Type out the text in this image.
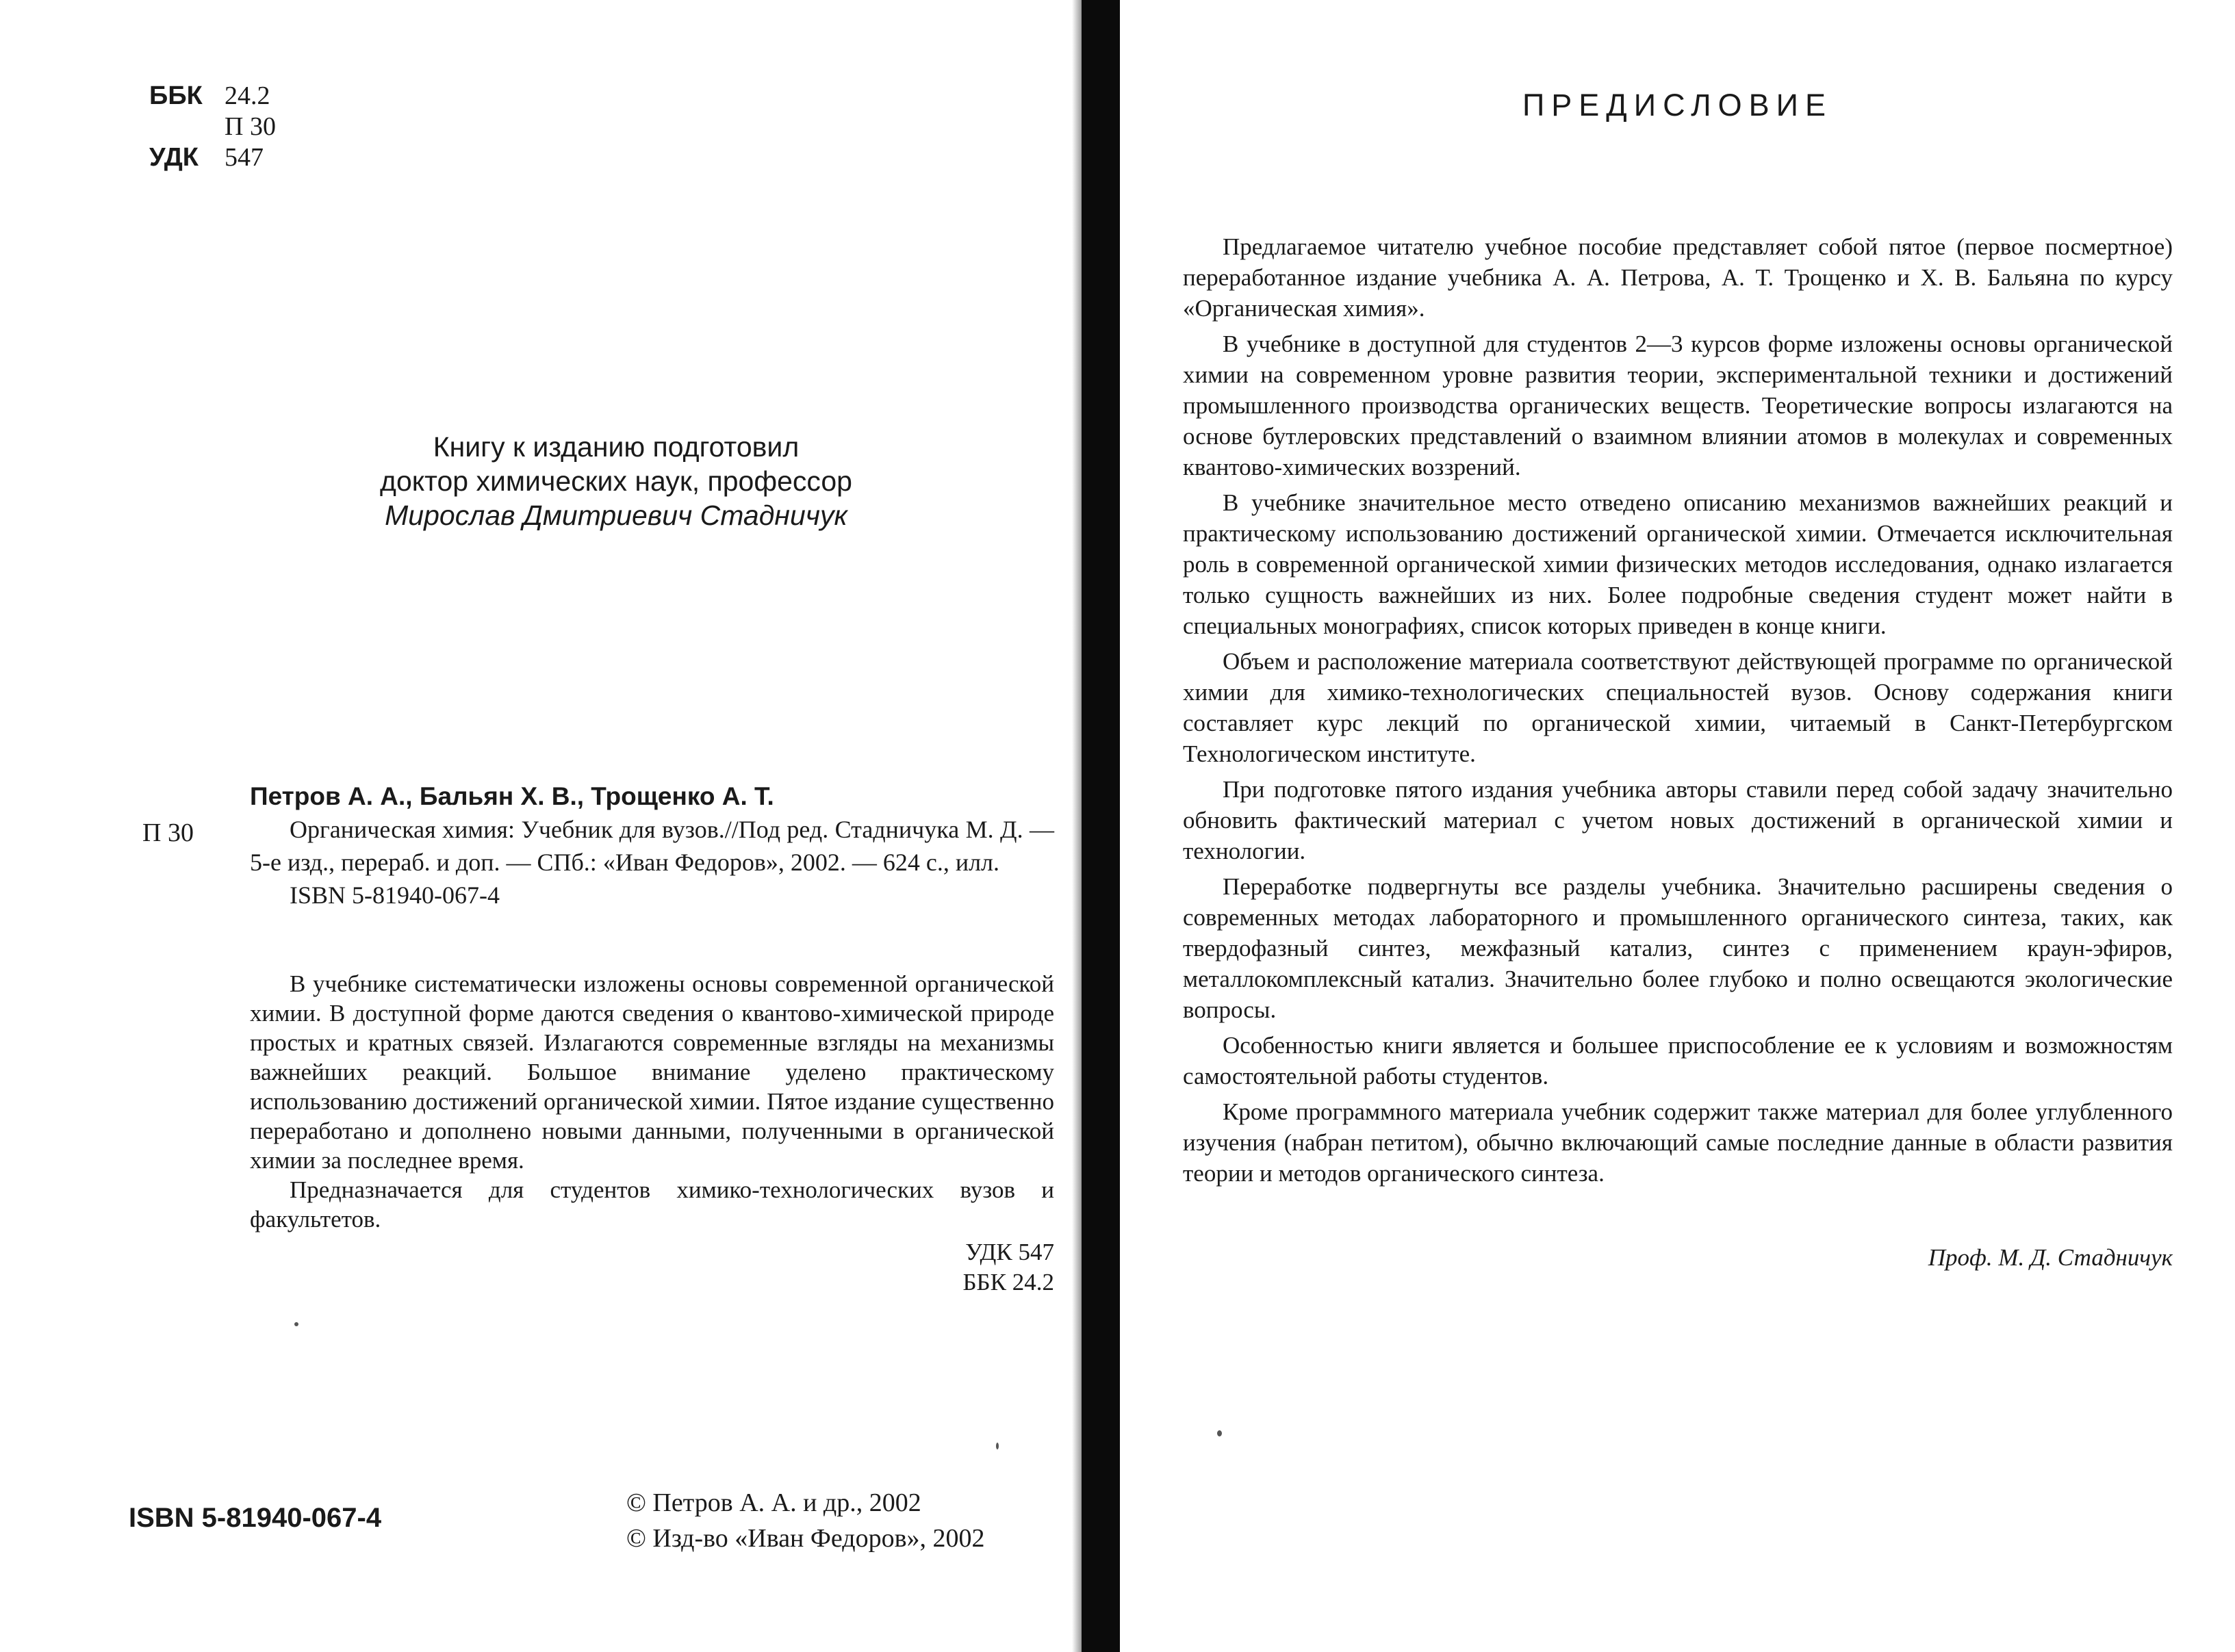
ББК 24.2
П 30
УДК	547
Книгу к изданию подготовил
доктор химических наук, профессор
Мирослав Дмитриевич Стадничук
П 30
Петров А. А., Бальян Х. В., Трощенко А. Т.

Органическая химия: Учебник для вузов.//Под ред. Стадничука М. Д. — 5-е изд., перераб. и доп. — СПб.: «Иван Федоров», 2002. — 624 с., илл.

ISBN 5-81940-067-4

В учебнике систематически изложены основы современной органической химии. В доступной форме даются сведения о квантово-химической природе простых и кратных связей. Излагаются современные взгляды на механизмы важнейших реакций. Большое внимание уделено практическому использованию достижений органической химии. Пятое издание существенно переработано и дополнено новыми данными, полученными в органической химии за последнее время.

Предназначается для студентов химико-технологических вузов и факультетов.

УДК 547
ББК 24.2
ISBN 5-81940-067-4	© Петров А. А. и др., 2002
© Изд-во «Иван Федоров», 2002
ПРЕДИСЛОВИЕ

Предлагаемое читателю учебное пособие представляет собой пятое (первое посмертное) переработанное издание учебника А. А. Петрова, А. Т. Трощенко и Х. В. Бальяна по курсу «Органическая химия».

В учебнике в доступной для студентов 2—3 курсов форме изложены основы органической химии на современном уровне развития теории, экспериментальной техники и достижений промышленного производства органических веществ. Теоретические вопросы излагаются на основе бутлеровских представлений о взаимном влиянии атомов в молекулах и современных квантово-химических воззрений.

В учебнике значительное место отведено описанию механизмов важнейших реакций и практическому использованию достижений органической химии. Отмечается исключительная роль в современной органической химии физических методов исследования, однако излагается только сущность важнейших из них. Более подробные сведения студент может найти в специальных монографиях, список которых приведен в конце книги.

Объем и расположение материала соответствуют действующей программе по органической химии для химико-технологических специальностей вузов. Основу содержания книги составляет курс лекций по органической химии, читаемый в Санкт-Петербургском Технологическом институте.

При подготовке пятого издания учебника авторы ставили перед собой задачу значительно обновить фактический материал с учетом новых достижений в органической химии и технологии.

Переработке подвергнуты все разделы учебника. Значительно расширены сведения о современных методах лабораторного и промышленного органического синтеза, таких, как твердофазный синтез, межфазный катализ, синтез с применением краун-эфиров, металлокомплексный катализ. Значительно более глубоко и полно освещаются экологические вопросы.

Особенностью книги является и большее приспособление ее к условиям и возможностям самостоятельной работы студентов.

Кроме программного материала учебник содержит также материал для более углубленного изучения (набран петитом), обычно включающий самые последние данные в области развития теории и методов органического синтеза.

Проф. М. Д. Стадничук
